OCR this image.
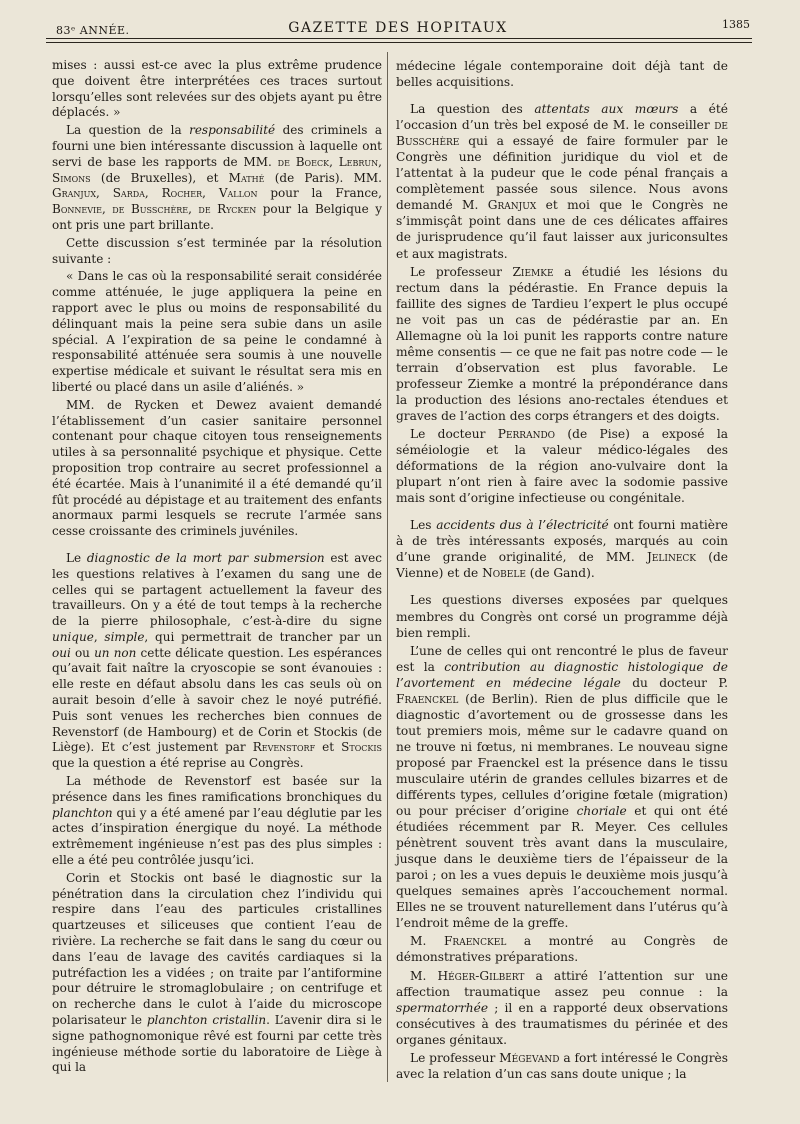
83ᵉ ANNÉE.	GAZETTE DES HOPITAUX	1385

mises : aussi est-ce avec la plus extrême prudence que doivent être interprétées ces traces surtout lorsqu’elles sont relevées sur des objets ayant pu être déplacés. »

La question de la responsabilité des criminels a fourni une bien intéressante discussion à laquelle ont servi de base les rapports de MM. de Boeck, Lebrun, Simons (de Bruxelles), et Mathé (de Paris). MM. Granjux, Sarda, Rocher, Vallon pour la France, Bonnevie, de Busschère, de Rycken pour la Belgique y ont pris une part brillante.

Cette discussion s’est terminée par la résolution suivante :

« Dans le cas où la responsabilité serait considérée comme atténuée, le juge appliquera la peine en rapport avec le plus ou moins de responsabilité du délinquant mais la peine sera subie dans un asile spécial. A l’expiration de sa peine le condamné à responsabilité atténuée sera soumis à une nouvelle expertise médicale et suivant le résultat sera mis en liberté ou placé dans un asile d’aliénés. »

MM. de Rycken et Dewez avaient demandé l’établissement d’un casier sanitaire personnel contenant pour chaque citoyen tous renseignements utiles à sa personnalité psychique et physique. Cette proposition trop contraire au secret professionnel a été écartée. Mais à l’unanimité il a été demandé qu’il fût procédé au dépistage et au traitement des enfants anormaux parmi lesquels se recrute l’armée sans cesse croissante des criminels juvéniles.

Le diagnostic de la mort par submersion est avec les questions relatives à l’examen du sang une de celles qui se partagent actuellement la faveur des travailleurs. On y a été de tout temps à la recherche de la pierre philosophale, c’est-à-dire du signe unique, simple, qui permettrait de trancher par un oui ou un non cette délicate question. Les espérances qu’avait fait naître la cryoscopie se sont évanouies : elle reste en défaut absolu dans les cas seuls où on aurait besoin d’elle à savoir chez le noyé putréfié. Puis sont venues les recherches bien connues de Revenstorf (de Hambourg) et de Corin et Stockis (de Liège). Et c’est justement par Revenstorf et Stockis que la question a été reprise au Congrès.

La méthode de Revenstorf est basée sur la présence dans les fines ramifications bronchiques du planchton qui y a été amené par l’eau déglutie par les actes d’inspiration énergique du noyé. La méthode extrêmement ingénieuse n’est pas des plus simples : elle a été peu contrôlée jusqu’ici.

Corin et Stockis ont basé le diagnostic sur la pénétration dans la circulation chez l’individu qui respire dans l’eau des particules cristallines quartzeuses et siliceuses que contient l’eau de rivière. La recherche se fait dans le sang du cœur ou dans l’eau de lavage des cavités cardiaques si la putréfaction les a vidées ; on traite par l’antiformine pour détruire le stromaglobulaire ; on centrifuge et on recherche dans le culot à l’aide du microscope polarisateur le planchton cristallin. L’avenir dira si le signe pathognomonique rêvé est fourni par cette très ingénieuse méthode sortie du laboratoire de Liège à qui la

médecine légale contemporaine doit déjà tant de belles acquisitions.

La question des attentats aux mœurs a été l’occasion d’un très bel exposé de M. le conseiller de Busschère qui a essayé de faire formuler par le Congrès une définition juridique du viol et de l’attentat à la pudeur que le code pénal français a complètement passée sous silence. Nous avons demandé M. Granjux et moi que le Congrès ne s’immisçât point dans une de ces délicates affaires de jurisprudence qu’il faut laisser aux juriconsultes et aux magistrats.

Le professeur Ziemke a étudié les lésions du rectum dans la pédérastie. En France depuis la faillite des signes de Tardieu l’expert le plus occupé ne voit pas un cas de pédérastie par an. En Allemagne où la loi punit les rapports contre nature même consentis — ce que ne fait pas notre code — le terrain d’observation est plus favorable. Le professeur Ziemke a montré la prépondérance dans la production des lésions ano-rectales étendues et graves de l’action des corps étrangers et des doigts.

Le docteur Perrando (de Pise) a exposé la séméiologie et la valeur médico-légales des déformations de la région ano-vulvaire dont la plupart n’ont rien à faire avec la sodomie passive mais sont d’origine infectieuse ou congénitale.

Les accidents dus à l’électricité ont fourni matière à de très intéressants exposés, marqués au coin d’une grande originalité, de MM. Jelineck (de Vienne) et de Nobele (de Gand).

Les questions diverses exposées par quelques membres du Congrès ont corsé un programme déjà bien rempli.

L’une de celles qui ont rencontré le plus de faveur est la contribution au diagnostic histologique de l’avortement en médecine légale du docteur P. Fraenckel (de Berlin). Rien de plus difficile que le diagnostic d’avortement ou de grossesse dans les tout premiers mois, même sur le cadavre quand on ne trouve ni fœtus, ni membranes. Le nouveau signe proposé par Fraenckel est la présence dans le tissu musculaire utérin de grandes cellules bizarres et de différents types, cellules d’origine fœtale (migration) ou pour préciser d’origine choriale et qui ont été étudiées récemment par R. Meyer. Ces cellules pénètrent souvent très avant dans la musculaire, jusque dans le deuxième tiers de l’épaisseur de la paroi ; on les a vues depuis le deuxième mois jusqu’à quelques semaines après l’accouchement normal. Elles ne se trouvent naturellement dans l’utérus qu’à l’endroit même de la greffe.

M. Fraenckel a montré au Congrès de démonstratives préparations.

M. Héger-Gilbert a attiré l’attention sur une affection traumatique assez peu connue : la spermatorrhée ; il en a rapporté deux observations consécutives à des traumatismes du périnée et des organes génitaux.

Le professeur Mégevand a fort intéressé le Congrès avec la relation d’un cas sans doute unique ; la
